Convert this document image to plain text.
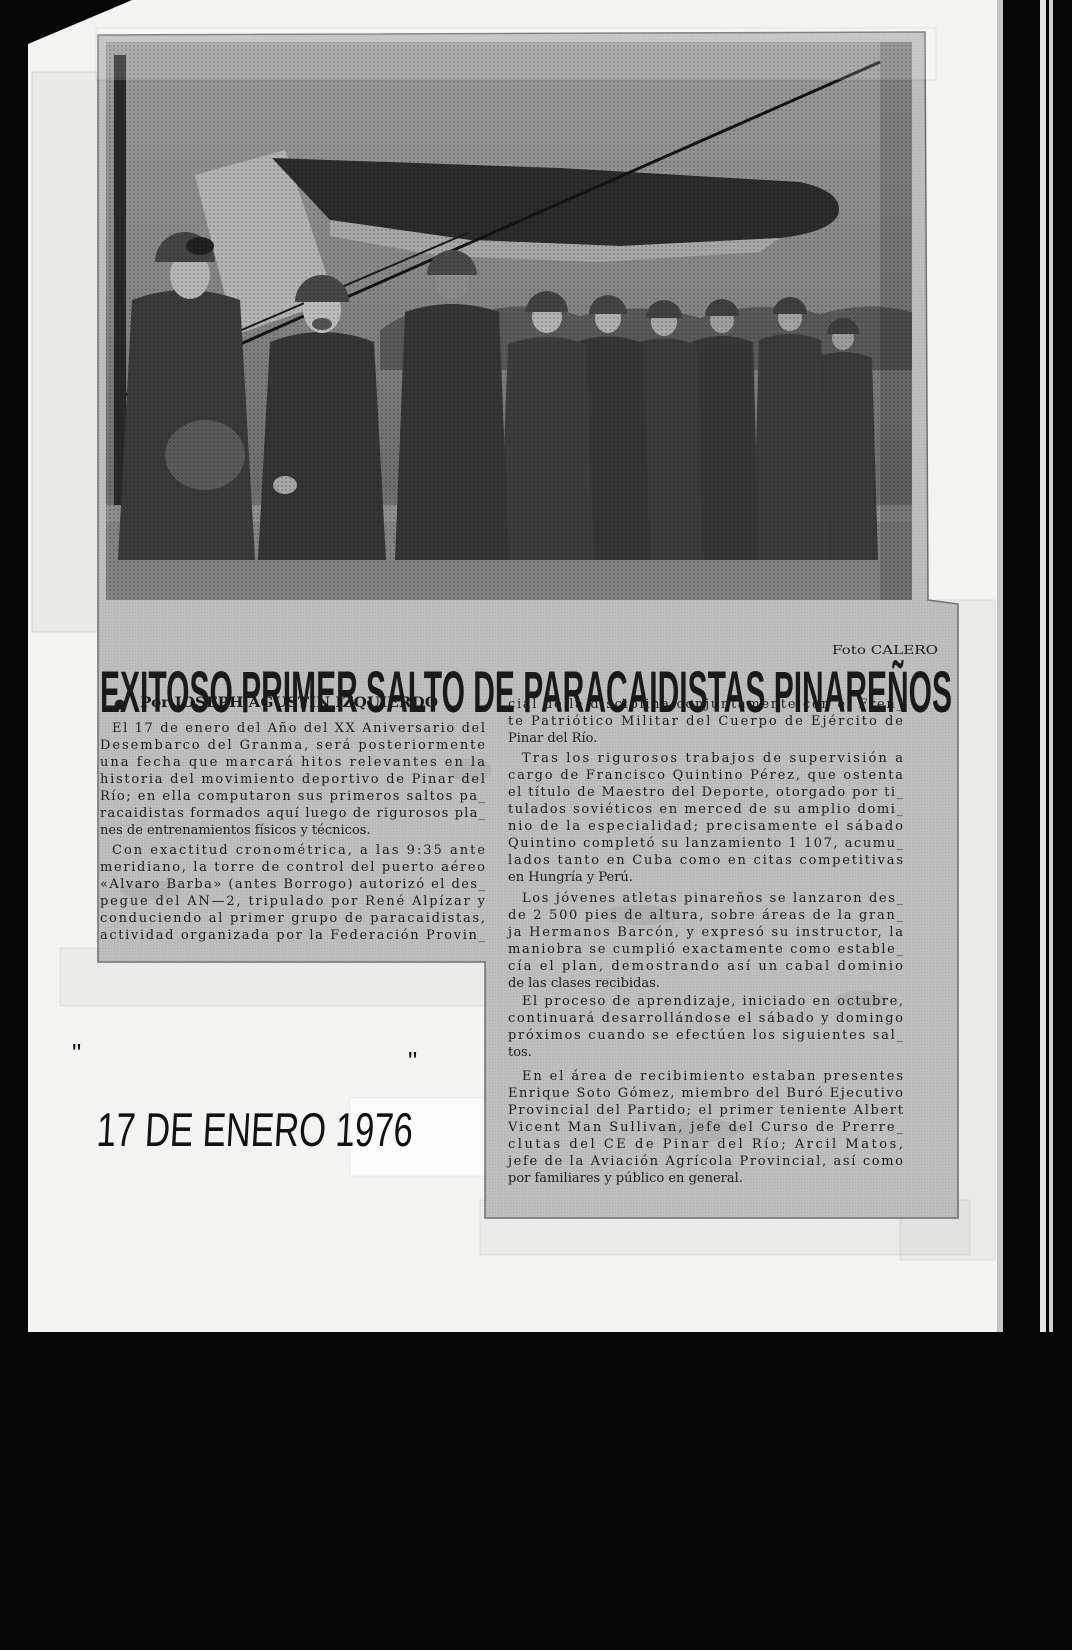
Foto CALERO
EXITOSO PRIMER SALTO DE PARACAIDISTAS PINAREÑOS
● Por JOSEPH AGUSTIN IZQUIERDO
El 17 de enero del Año del XX Aniversario del
Desembarco del Granma, será posteriormente
una fecha que marcará hitos relevantes en la
historia del movimiento deportivo de Pinar del
Río; en ella computaron sus primeros saltos pa_
racaidistas formados aquí luego de rigurosos pla_
nes de entrenamientos físicos y técnicos.
Con exactitud cronométrica, a las 9:35 ante
meridiano, la torre de control del puerto aéreo
«Alvaro Barba» (antes Borrogo) autorizó el des_
pegue del AN—2, tripulado por René Alpízar y
conduciendo al primer grupo de paracaidistas,
actividad organizada por la Federación Provin_
cial de la disciplina conjuntamente con el Fren_
te Patriótico Militar del Cuerpo de Ejército de
Pinar del Río.
Tras los rigurosos trabajos de supervisión a
cargo de Francisco Quintino Pérez, que ostenta
el título de Maestro del Deporte, otorgado por ti_
tulados soviéticos en merced de su amplio domi_
nio de la especialidad; precisamente el sábado
Quintino completó su lanzamiento 1 107, acumu_
lados tanto en Cuba como en citas competitivas
en Hungría y Perú.
Los jóvenes atletas pinareños se lanzaron des_
de 2 500 pies de altura, sobre áreas de la gran_
ja Hermanos Barcón, y expresó su instructor, la
maniobra se cumplió exactamente como estable_
cía el plan, demostrando así un cabal dominio
de las clases recibidas.
El proceso de aprendizaje, iniciado en octubre,
continuará desarrollándose el sábado y domingo
próximos cuando se efectúen los siguientes sal_
tos.
En el área de recibimiento estaban presentes
Enrique Soto Gómez, miembro del Buró Ejecutivo
Provincial del Partido; el primer teniente Albert
Vicent Man Sullivan, jefe del Curso de Prerre_
clutas del CE de Pinar del Río; Arcil Matos,
jefe de la Aviación Agrícola Provincial, así como
por familiares y público en general.
"
17 DE ENERO 1976
"
